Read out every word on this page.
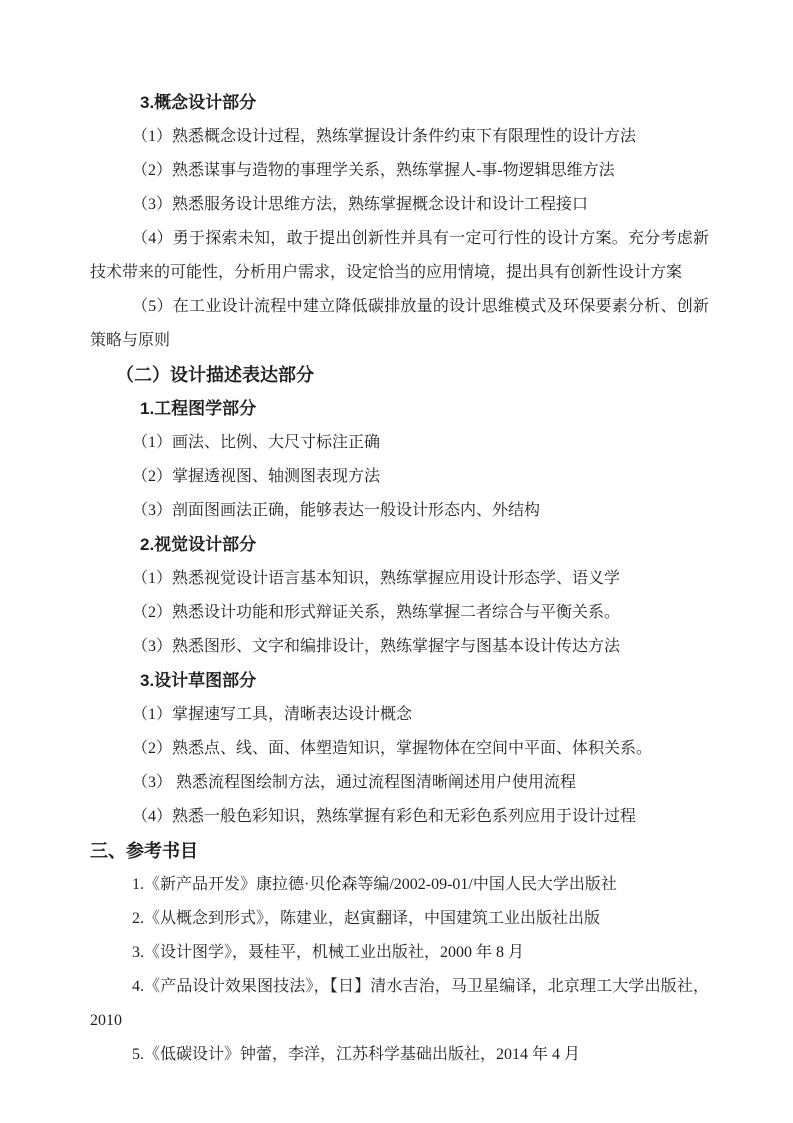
3.概念设计部分

（1）熟悉概念设计过程，熟练掌握设计条件约束下有限理性的设计方法

（2）熟悉谋事与造物的事理学关系，熟练掌握人-事-物逻辑思维方法

（3）熟悉服务设计思维方法，熟练掌握概念设计和设计工程接口

（4）勇于探索未知，敢于提出创新性并具有一定可行性的设计方案。充分考虑新技术带来的可能性，分析用户需求，设定恰当的应用情境，提出具有创新性设计方案

（5）在工业设计流程中建立降低碳排放量的设计思维模式及环保要素分析、创新策略与原则

（二）设计描述表达部分

1.工程图学部分

（1）画法、比例、大尺寸标注正确

（2）掌握透视图、轴测图表现方法

（3）剖面图画法正确，能够表达一般设计形态内、外结构

2.视觉设计部分

（1）熟悉视觉设计语言基本知识，熟练掌握应用设计形态学、语义学

（2）熟悉设计功能和形式辩证关系，熟练掌握二者综合与平衡关系。

（3）熟悉图形、文字和编排设计，熟练掌握字与图基本设计传达方法

3.设计草图部分

（1）掌握速写工具，清晰表达设计概念

（2）熟悉点、线、面、体塑造知识，掌握物体在空间中平面、体积关系。

（3） 熟悉流程图绘制方法，通过流程图清晰阐述用户使用流程

（4）熟悉一般色彩知识，熟练掌握有彩色和无彩色系列应用于设计过程

三、参考书目

1.《新产品开发》康拉德·贝伦森等编/2002-09-01/中国人民大学出版社

2.《从概念到形式》，陈建业，赵寅翻译，中国建筑工业出版社出版

3.《设计图学》，聂桂平，机械工业出版社，2000 年 8 月

4.《产品设计效果图技法》，【日】清水吉治，马卫星编译，北京理工大学出版社，2010

5.《低碳设计》钟蕾，李洋，江苏科学基础出版社，2014 年 4 月
